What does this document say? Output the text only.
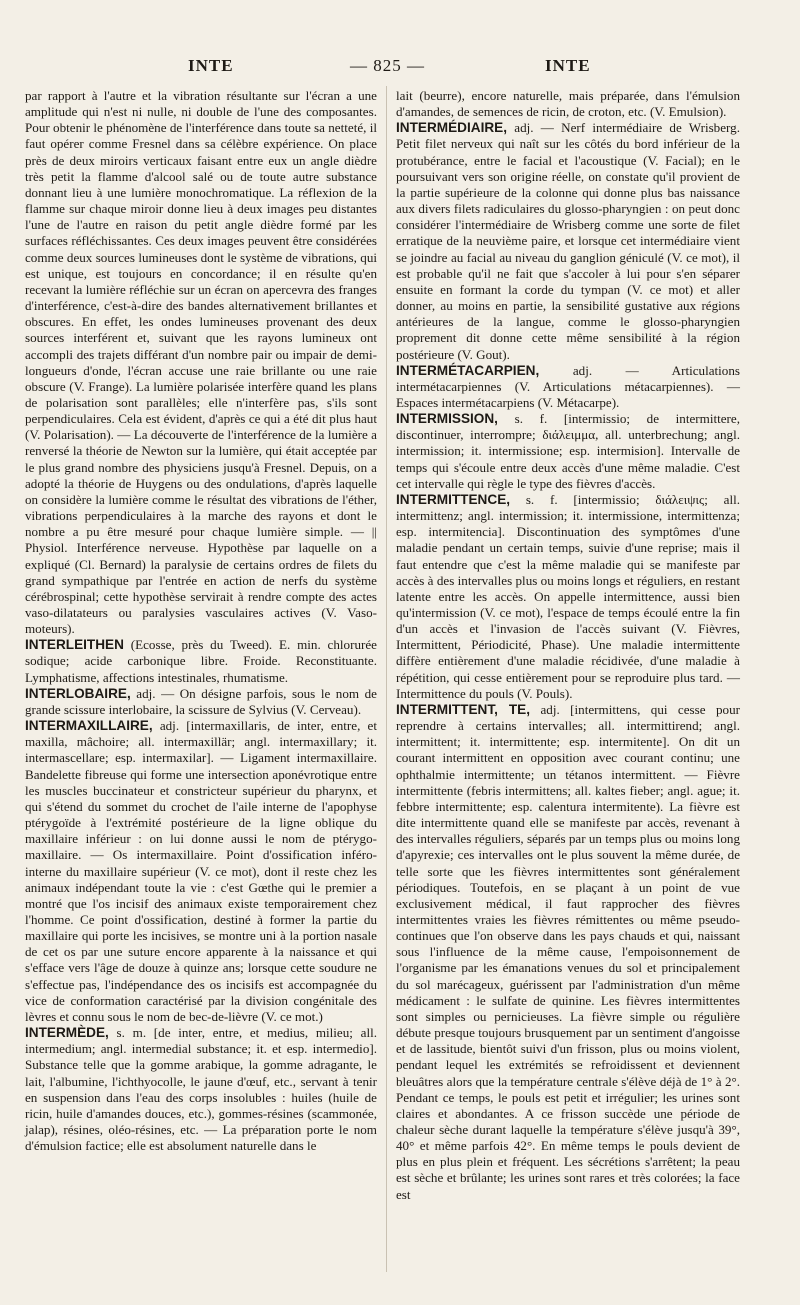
INTE	— 825 —	INTE

par rapport à l'autre et la vibration résultante sur l'écran a une amplitude qui n'est ni nulle, ni double de l'une des composantes. Pour obtenir le phénomène de l'interférence dans toute sa netteté, il faut opérer comme Fresnel dans sa célèbre expérience. On place près de deux miroirs verticaux faisant entre eux un angle dièdre très petit la flamme d'alcool salé ou de toute autre substance donnant lieu à une lumière monochromatique. La réflexion de la flamme sur chaque miroir donne lieu à deux images peu distantes l'une de l'autre en raison du petit angle dièdre formé par les surfaces réfléchissantes. Ces deux images peuvent être considérées comme deux sources lumineuses dont le système de vibrations, qui est unique, est toujours en concordance; il en résulte qu'en recevant la lumière réfléchie sur un écran on apercevra des franges d'interférence, c'est-à-dire des bandes alternativement brillantes et obscures. En effet, les ondes lumineuses provenant des deux sources interférent et, suivant que les rayons lumineux ont accompli des trajets différant d'un nombre pair ou impair de demi-longueurs d'onde, l'écran accuse une raie brillante ou une raie obscure (V. Frange). La lumière polarisée interfère quand les plans de polarisation sont parallèles; elle n'interfère pas, s'ils sont perpendiculaires. Cela est évident, d'après ce qui a été dit plus haut (V. Polarisation). — La découverte de l'interférence de la lumière a renversé la théorie de Newton sur la lumière, qui était acceptée par le plus grand nombre des physiciens jusqu'à Fresnel. Depuis, on a adopté la théorie de Huygens ou des ondulations, d'après laquelle on considère la lumière comme le résultat des vibrations de l'éther, vibrations perpendiculaires à la marche des rayons et dont le nombre a pu être mesuré pour chaque lumière simple. — || Physiol. Interférence nerveuse. Hypothèse par laquelle on a expliqué (Cl. Bernard) la paralysie de certains ordres de filets du grand sympathique par l'entrée en action de nerfs du système cérébrospinal; cette hypothèse servirait à rendre compte des actes vaso-dilatateurs ou paralysies vasculaires actives (V. Vaso-moteurs).

INTERLEITHEN (Ecosse, près du Tweed). E. min. chlorurée sodique; acide carbonique libre. Froide. Reconstituante. Lymphatisme, affections intestinales, rhumatisme.

INTERLOBAIRE, adj. — On désigne parfois, sous le nom de grande scissure interlobaire, la scissure de Sylvius (V. Cerveau).

INTERMAXILLAIRE, adj. [intermaxillaris, de inter, entre, et maxilla, mâchoire; all. intermaxillär; angl. intermaxillary; it. intermascellare; esp. intermaxilar]. — Ligament intermaxillaire. Bandelette fibreuse qui forme une intersection aponévrotique entre les muscles buccinateur et constricteur supérieur du pharynx, et qui s'étend du sommet du crochet de l'aile interne de l'apophyse ptérygoïde à l'extrémité postérieure de la ligne oblique du maxillaire inférieur : on lui donne aussi le nom de ptérygo-maxillaire. — Os intermaxillaire. Point d'ossification inféro-interne du maxillaire supérieur (V. ce mot), dont il reste chez les animaux indépendant toute la vie : c'est Gœthe qui le premier a montré que l'os incisif des animaux existe temporairement chez l'homme. Ce point d'ossification, destiné à former la partie du maxillaire qui porte les incisives, se montre uni à la portion nasale de cet os par une suture encore apparente à la naissance et qui s'efface vers l'âge de douze à quinze ans; lorsque cette soudure ne s'effectue pas, l'indépendance des os incisifs est accompagnée du vice de conformation caractérisé par la division congénitale des lèvres et connu sous le nom de bec-de-lièvre (V. ce mot.)

INTERMÈDE, s. m. [de inter, entre, et medius, milieu; all. intermedium; angl. intermedial substance; it. et esp. intermedio]. Substance telle que la gomme arabique, la gomme adragante, le lait, l'albumine, l'ichthyocolle, le jaune d'œuf, etc., servant à tenir en suspension dans l'eau des corps insolubles : huiles (huile de ricin, huile d'amandes douces, etc.), gommes-résines (scammonée, jalap), résines, oléo-résines, etc. — La préparation porte le nom d'émulsion factice; elle est absolument naturelle dans le

lait (beurre), encore naturelle, mais préparée, dans l'émulsion d'amandes, de semences de ricin, de croton, etc. (V. Emulsion).

INTERMÉDIAIRE, adj. — Nerf intermédiaire de Wrisberg. Petit filet nerveux qui naît sur les côtés du bord inférieur de la protubérance, entre le facial et l'acoustique (V. Facial); en le poursuivant vers son origine réelle, on constate qu'il provient de la partie supérieure de la colonne qui donne plus bas naissance aux divers filets radiculaires du glosso-pharyngien : on peut donc considérer l'intermédiaire de Wrisberg comme une sorte de filet erratique de la neuvième paire, et lorsque cet intermédiaire vient se joindre au facial au niveau du ganglion géniculé (V. ce mot), il est probable qu'il ne fait que s'accoler à lui pour s'en séparer ensuite en formant la corde du tympan (V. ce mot) et aller donner, au moins en partie, la sensibilité gustative aux régions antérieures de la langue, comme le glosso-pharyngien proprement dit donne cette même sensibilité à la région postérieure (V. Gout).

INTERMÉTACARPIEN, adj. — Articulations intermétacarpiennes (V. Articulations métacarpiennes). — Espaces intermétacarpiens (V. Métacarpe).

INTERMISSION, s. f. [intermissio; de intermittere, discontinuer, interrompre; διάλειμμα, all. unterbrechung; angl. intermission; it. intermissione; esp. intermision]. Intervalle de temps qui s'écoule entre deux accès d'une même maladie. C'est cet intervalle qui règle le type des fièvres d'accès.

INTERMITTENCE, s. f. [intermissio; διάλειψις; all. intermittenz; angl. intermission; it. intermissione, intermittenza; esp. intermitencia]. Discontinuation des symptômes d'une maladie pendant un certain temps, suivie d'une reprise; mais il faut entendre que c'est la même maladie qui se manifeste par accès à des intervalles plus ou moins longs et réguliers, en restant latente entre les accès. On appelle intermittence, aussi bien qu'intermission (V. ce mot), l'espace de temps écoulé entre la fin d'un accès et l'invasion de l'accès suivant (V. Fièvres, Intermittent, Périodicité, Phase). Une maladie intermittente diffère entièrement d'une maladie récidivée, d'une maladie à répétition, qui cesse entièrement pour se reproduire plus tard. — Intermittence du pouls (V. Pouls).

INTERMITTENT, TE, adj. [intermittens, qui cesse pour reprendre à certains intervalles; all. intermittirend; angl. intermittent; it. intermittente; esp. intermitente]. On dit un courant intermittent en opposition avec courant continu; une ophthalmie intermittente; un tétanos intermittent. — Fièvre intermittente (febris intermittens; all. kaltes fieber; angl. ague; it. febbre intermittente; esp. calentura intermitente). La fièvre est dite intermittente quand elle se manifeste par accès, revenant à des intervalles réguliers, séparés par un temps plus ou moins long d'apyrexie; ces intervalles ont le plus souvent la même durée, de telle sorte que les fièvres intermittentes sont généralement périodiques. Toutefois, en se plaçant à un point de vue exclusivement médical, il faut rapprocher des fièvres intermittentes vraies les fièvres rémittentes ou même pseudo-continues que l'on observe dans les pays chauds et qui, naissant sous l'influence de la même cause, l'empoisonnement de l'organisme par les émanations venues du sol et principalement du sol marécageux, guérissent par l'administration d'un même médicament : le sulfate de quinine. Les fièvres intermittentes sont simples ou pernicieuses. La fièvre simple ou régulière débute presque toujours brusquement par un sentiment d'angoisse et de lassitude, bientôt suivi d'un frisson, plus ou moins violent, pendant lequel les extrémités se refroidissent et deviennent bleuâtres alors que la température centrale s'élève déjà de 1° à 2°. Pendant ce temps, le pouls est petit et irrégulier; les urines sont claires et abondantes. A ce frisson succède une période de chaleur sèche durant laquelle la température s'élève jusqu'à 39°, 40° et même parfois 42°. En même temps le pouls devient de plus en plus plein et fréquent. Les sécrétions s'arrêtent; la peau est sèche et brûlante; les urines sont rares et très colorées; la face est
